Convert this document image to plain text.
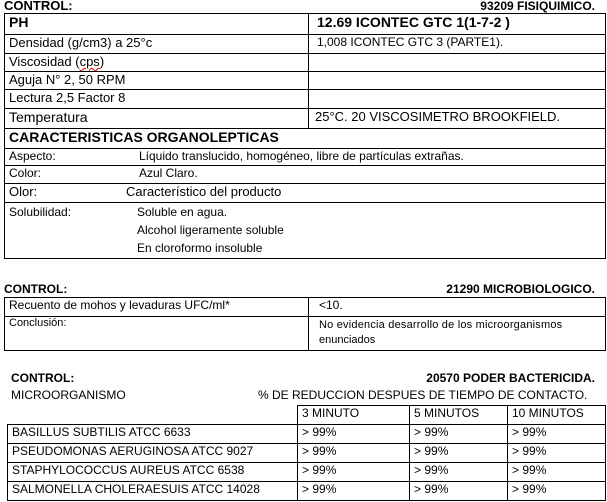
CONTROL:	93209 FISIQUIMICO.
PH	12.69 ICONTEC GTC 1(1-7-2 )
Densidad (g/cm3) a 25°c	1,008 ICONTEC GTC 3 (PARTE1).
Viscosidad (cps)	
Aguja N° 2, 50 RPM	
Lectura 2,5 Factor 8	
Temperatura	25°C. 20 VISCOSIMETRO BROOKFIELD.
CARACTERISTICAS ORGANOLEPTICAS	
Aspecto: Líquido translucido, homogéneo, libre de partículas extrañas.	

Color: Azul Claro.	

Olor: Característico del producto	

Solubilidad: Soluble en agua.
Alcohol ligeramente soluble
En cloroformo insoluble	
CONTROL:	21290 MICROBIOLOGICO.
Recuento de mohos y levaduras UFC/ml*	<10.
Conclusión:	No evidencia desarrollo de los microorganismos
enunciados
CONTROL:	20570 PODER BACTERICIDA.
MICROORGANISMO	% DE REDUCCION DESPUES DE TIEMPO DE CONTACTO.
	3 MINUTO	5 MINUTOS	10 MINUTOS
BASILLUS SUBTILIS ATCC 6633	> 99%	> 99%	> 99%
PSEUDOMONAS AERUGINOSA ATCC 9027	> 99%	> 99%	> 99%
STAPHYLOCOCCUS AUREUS ATCC 6538	> 99%	> 99%	> 99%
SALMONELLA CHOLERAESUIS ATCC 14028	> 99%	> 99%	> 99%
